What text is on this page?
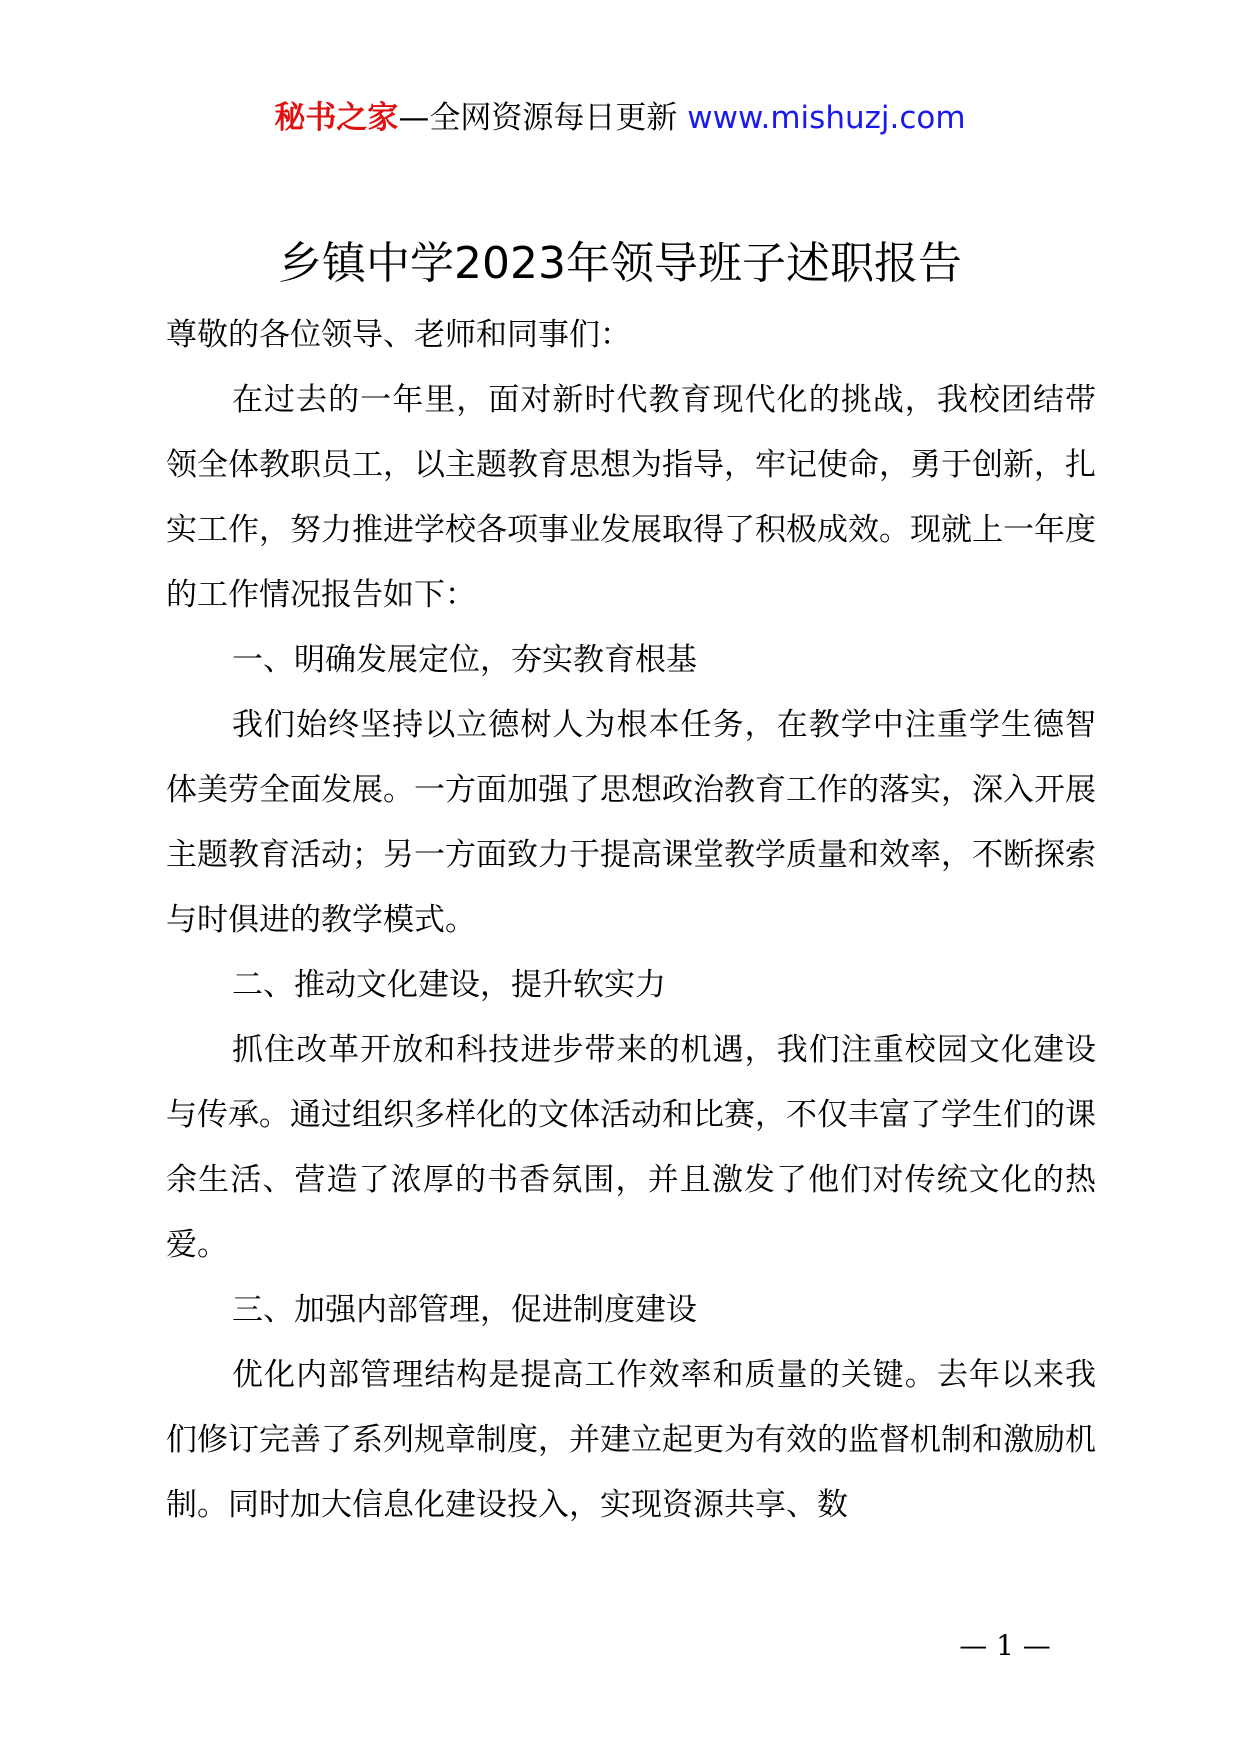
秘书之家—全网资源每日更新 www.mishuzj.com
乡镇中学2023年领导班子述职报告

尊敬的各位领导、老师和同事们：

在过去的一年里，面对新时代教育现代化的挑战，我校团结带领全体教职员工，以主题教育思想为指导，牢记使命，勇于创新，扎实工作，努力推进学校各项事业发展取得了积极成效。现就上一年度的工作情况报告如下：

一、明确发展定位，夯实教育根基

我们始终坚持以立德树人为根本任务，在教学中注重学生德智体美劳全面发展。一方面加强了思想政治教育工作的落实，深入开展主题教育活动；另一方面致力于提高课堂教学质量和效率，不断探索与时俱进的教学模式。

二、推动文化建设，提升软实力

抓住改革开放和科技进步带来的机遇，我们注重校园文化建设与传承。通过组织多样化的文体活动和比赛，不仅丰富了学生们的课余生活、营造了浓厚的书香氛围，并且激发了他们对传统文化的热爱。

三、加强内部管理，促进制度建设

优化内部管理结构是提高工作效率和质量的关键。去年以来我们修订完善了系列规章制度，并建立起更为有效的监督机制和激励机制。同时加大信息化建设投入，实现资源共享、数

— 1 —
